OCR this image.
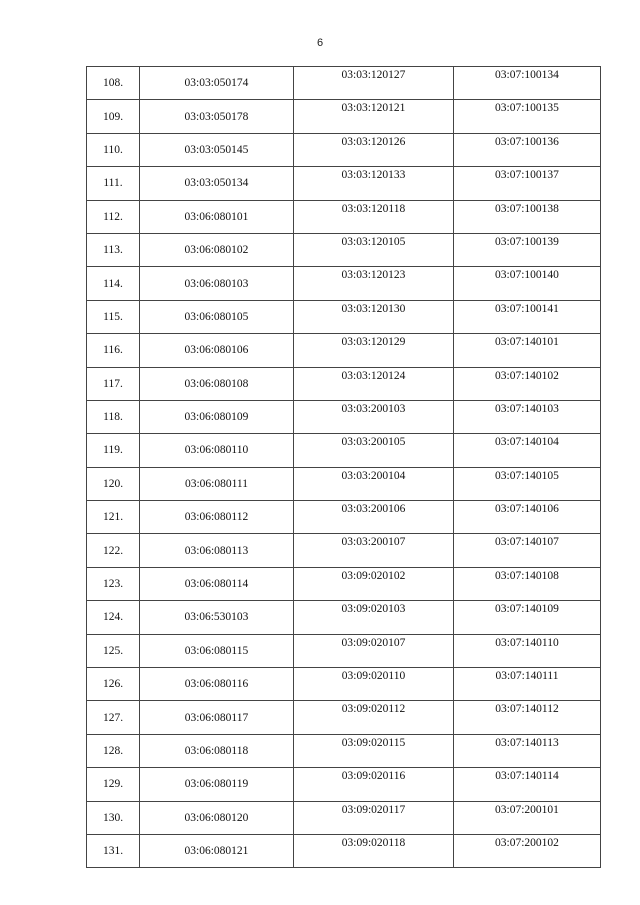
6
108.	03:03:050174	03:03:120127	03:07:100134
109.	03:03:050178	03:03:120121	03:07:100135
110.	03:03:050145	03:03:120126	03:07:100136
111.	03:03:050134	03:03:120133	03:07:100137
112.	03:06:080101	03:03:120118	03:07:100138
113.	03:06:080102	03:03:120105	03:07:100139
114.	03:06:080103	03:03:120123	03:07:100140
115.	03:06:080105	03:03:120130	03:07:100141
116.	03:06:080106	03:03:120129	03:07:140101
117.	03:06:080108	03:03:120124	03:07:140102
118.	03:06:080109	03:03:200103	03:07:140103
119.	03:06:080110	03:03:200105	03:07:140104
120.	03:06:080111	03:03:200104	03:07:140105
121.	03:06:080112	03:03:200106	03:07:140106
122.	03:06:080113	03:03:200107	03:07:140107
123.	03:06:080114	03:09:020102	03:07:140108
124.	03:06:530103	03:09:020103	03:07:140109
125.	03:06:080115	03:09:020107	03:07:140110
126.	03:06:080116	03:09:020110	03:07:140111
127.	03:06:080117	03:09:020112	03:07:140112
128.	03:06:080118	03:09:020115	03:07:140113
129.	03:06:080119	03:09:020116	03:07:140114
130.	03:06:080120	03:09:020117	03:07:200101
131.	03:06:080121	03:09:020118	03:07:200102
